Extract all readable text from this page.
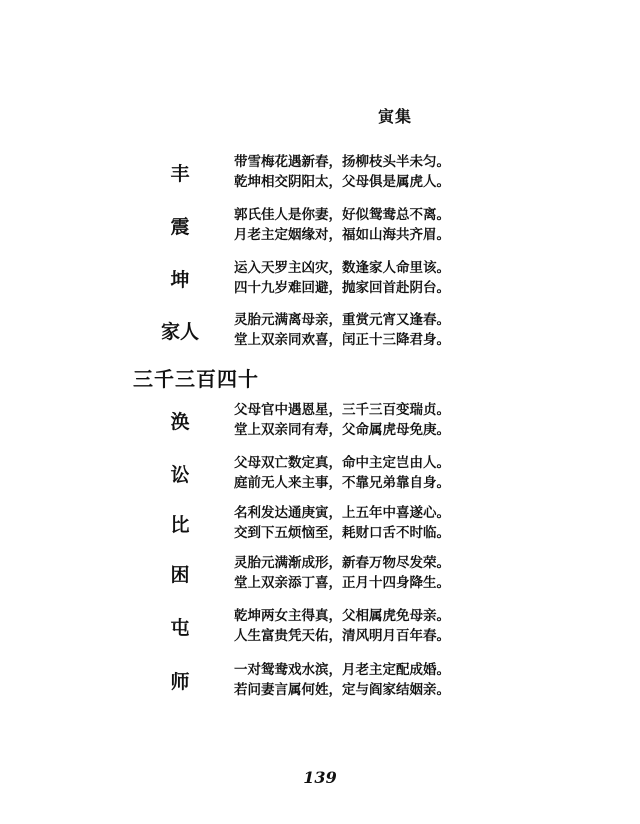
寅集
丰
带雪梅花遇新春，扬柳枝头半未匀。
乾坤相交阴阳太，父母俱是属虎人。
震
郭氏佳人是你妻，好似鸳鸯总不离。
月老主定姻缘对，福如山海共齐眉。
坤
运入天罗主凶灾，数逢家人命里该。
四十九岁难回避，抛家回首赴阴台。
家人
灵胎元满离母亲，重赏元宵又逢春。
堂上双亲同欢喜，闰正十三降君身。
三千三百四十
涣
父母官中遇恩星，三千三百变瑞贞。
堂上双亲同有寿，父命属虎母免庚。
讼
父母双亡数定真，命中主定岂由人。
庭前无人来主事，不靠兄弟靠自身。
比
名利发达通庚寅，上五年中喜遂心。
交到下五烦恼至，耗财口舌不时临。
困
灵胎元满渐成形，新春万物尽发荣。
堂上双亲添丁喜，正月十四身降生。
屯
乾坤两女主得真，父相属虎免母亲。
人生富贵凭天佑，清风明月百年春。
师
一对鸳鸯戏水滨，月老主定配成婚。
若问妻言属何姓，定与阎家结姻亲。
139
